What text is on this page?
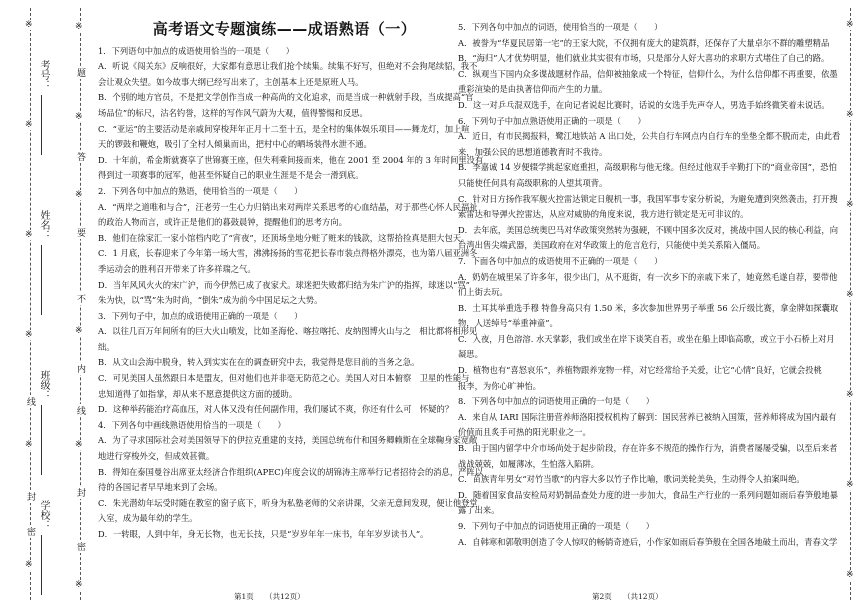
※
※
※
※
※
※
线
封
密
考号：
姓名：
班级：
学校：
※
题
※
答
※
要
不
※
内
线
※
封
密
※
※
※
※
※
※
※
※
高考语文专题演练——成语熟语（一）
1．下列语句中加点的成语使用恰当的一项是（　　）
A．听说《闯关东》反响很好，大家都有意思让我们抢个续集。续集不好写，但绝对不会狗尾续貂，我不
会让观众失望。如今故事大纲已经写出来了，主创基本上还是原班人马。
B．个别的地方官员，不是把文学创作当成一种高尚的文化追求，而是当成一种就射手段，当成提高“官
场品位”的标尺，沽名钓誉，这样的写作风气蔚为大观，值得警惕和反思。
C．“亚运”的主要活动是亲戚间穿梭拜年正月十二至十五，是全村的集体娱乐项目——舞龙灯，加上喧
天的锣鼓和鞭炮，吸引了全村人倾巢而出，把村中心的晒场装得水泄不通。
D．十年前，希金斯就赛享了世锦赛王座，但失利乘间接而来，他在 2001 至 2004 年的 3 年时间里没有
得到过一项赛事的冠军，他甚至怀疑自己的职业生涯是不是会一滑到底。
2．下列各句中加点的熟语，使用恰当的一项是（　　）
A．“两岸之道唯和与合”，汪老劳一生心力归销出来对两岸关系思考的心血结晶，对于那些心怀人民福祉
的政治人物而言，或许正是他们的暮鼓晨钟，提醒他们的思考方向。
B．他们在徐家汇一家小馆档内吃了“宵夜”，还顶场坐地分赃了赃来的钱款，这帮拾捡真是胆大包天。
C．1 月底，长春迎来了今年第一场大雪，沸沸扬扬的雪花把长春市装点得格外漂亮，也为第八届亚洲冬
季运动会的胜利召开带来了许多祥瑞之气。
D．当年风风火火的宋广沪，而今伊然已成了夜家犬。球迷把失败都归结为朱广沪的指挥，球迷以“骂”
朱为快，以“骂”朱为时尚，“倒朱”成为前今中国足坛之大势。
3．下列句子中，加点的成语使用正确的一项是（　　）
A．以往几百万年间所有的巨大火山喷发，比如圣海伦、喀拉喀托、皮纳图博火山与之　相比都将相形见
绌。
B．从文山会海中脱身，转入到实实在在的调查研究中去，我觉得是您目前的当务之急。
C．可见美国人虽然跟日本是盟友，但对他们也并非毫无防范之心。美国人对日本俯察　卫星的性能与
忠知道得了如指掌，却从来不愿意提供这方面的援助。
D．这种举药能治疗高血压，对人体又没有任何副作用，我们屡试不爽，你还有什么可　怀疑的？
4．下列各句中画线熟语使用恰当的一项是（　　）
A．为了寻求国际社会对美国领导下的伊拉克重建的支持，美国总统布什和国务卿赖斯在全球鞠身家宽敞
地进行穿梭外交，但成效甚微。
B．得知在泰国曼谷出席亚太经济合作组织(APEC)年度会议的胡锦涛主席举行记者招待会的消息，严阵以
待的各国记者早早地来到了会场。
C．朱光潜幼年坛受时随在教室的窗子底下，听身为私塾老师的父亲讲课，父亲无意间发现，便让他登堂
入室，成为最年幼的学生。
D．一转眼，人到中年，身无长物，也无长技，只是“岁岁年年一床书，年年岁岁读书人”。
第1页　　（共12页）
5．下列各句中加点的词语，使用恰当的一项是（　　）
A．被誉为“华夏民居第一宅”的王家大院，不仅拥有庞大的建筑群，还保存了大量卓尔不群的雕塑精品
B．“海归”人才优势明显，他们就业其实很有市场，只是部分人好大喜功的求职方式堵住了自己的路。
C．纵观当下国内众多谍战题材作品，信仰被抽象成一个特征，信仰什么，为什么信仰都不再重要，依墨
重彩渲染的是由执著信仰而产生的力量。
D．这一对乒乓混双选手，在向记者说起比赛时，话说的女选手先声夺人，男选手始终微笑着未说话。
6．下列句子中加点熟语使用正确的一项是（　　）
A．近日，有市民揭报料，鹭江地铁站 A 出口处，公共自行车网点内自行车的坐垫全都不脱而走，由此看
来，加强公民的思想道德教育时不我待。
B．李嘉诚 14 岁便辍学挑起家庭重担，高级职称与他无缘。但经过他双手辛勤打下的“商业帝国”，恐怕
只能使任何具有高级职称的人望其项背。
C．针对日方扬作我军舰火控雷达锁定日舰机一事，我国军事专家分析说，为避免遭到突然袭击，打开搜
索雷达和导弹火控雷达，从应对威胁的角度来说，我方进行锁定是无可非议的。
D．去年底，美国总统奥巴马对华政策突然转为强硬，不顾中国多次反对，挑战中国人民的核心利益，向
台湾出售尖端武器，美国政府在对华政策上的危言危行，只能使中美关系陷入僵局。
7．下面各句中加点的成语使用不正确的一项是（　　）
A．奶奶在城里呆了许多年，很少出门，从不逛街，有一次乡下的亲戚下来了，她竟然毛遂自荐，要带他
们上街去玩。
B．土耳其举重选手穆 特鲁身高只有 1.50 米，多次参加世界男子举重 56 公斤级比赛，拿金牌如探囊取
物，人送绰号“举重神童”。
C．入夜，月色溶溶. 水天掌影，我们或坐在岸下谈笑自若，或坐在船上即临高歌，或立于小石桥上对月
凝思。
D．植物也有“喜怒哀乐”，养植物跟养宠物一样，对它经常给予关爱，让它“心情”良好，它就会投桃
报李，为你心旷神怡。
8．下列各句中加点的词语使用正确的一句是（　　）
A．来自从 IARI 国际注册营养师洛阳授权机构了解到：国民营养已被纳入国策，营养师将成为国内最有
价值而且炙手可热的阳光职业之一。
B．由于国内留学中介市场尚处于起步阶段，存在许多不规范的操作行为，消费者屡屡受骗，以至后来者
战战兢兢，如履薄冰，生怕落入陷阱。
C．苗族青年男女“对竹当歌”的内容大多以竹子作比喻，歌词美轮美奂，生动得令人拍案叫绝。
D．随着国家食品安检局对奶制品查处力度的进一步加大，食品生产行业的一系列问题如雨后春笋般地暴
露了出来。
9．下列句子中加点的词语使用正确的一项是（　　）
A．自韩寒和郭敬明创造了令人惊叹的畅销奇迹后，小作家如雨后春笋般在全国各地破土而出，青春文学
第2页　　（共12页）
